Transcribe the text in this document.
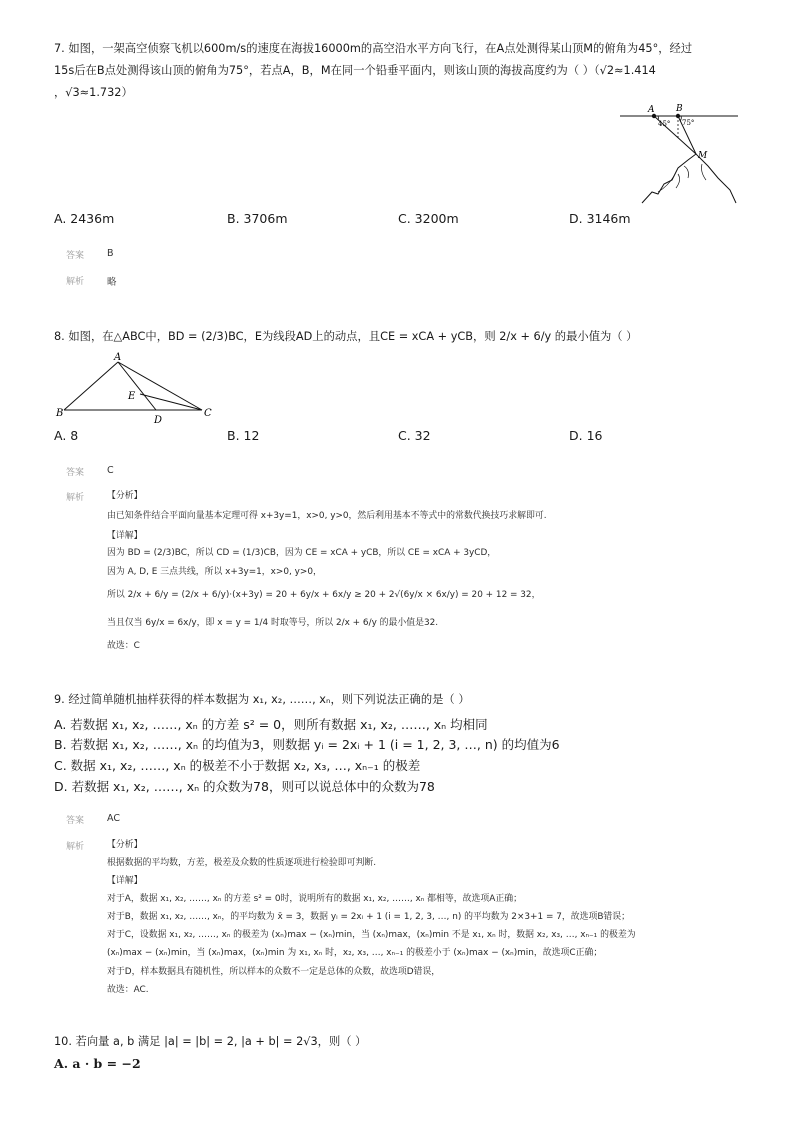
7. 如图，一架高空侦察飞机以600m/s的速度在海拔16000m的高空沿水平方向飞行，在A点处测得某山顶M的俯角为45°，经过
15s后在B点处测得该山顶的俯角为75°，若点A，B，M在同一个铅垂平面内，则该山顶的海拔高度约为（ ）（√2≈1.414
，√3≈1.732）
A B
M
45° 75°
A. 2436m	B. 3706m	C. 3200m	D. 3146m
答案 B
解析 略
8. 如图，在△ABC中，BD = (2/3)BC，E为线段AD上的动点，且CE = xCA + yCB，则 2/x + 6/y 的最小值为（ ）
A
B	C
D
E
A. 8	B. 12	C. 32	D. 16
答案 C
解析	【分析】
由已知条件结合平面向量基本定理可得 x+3y=1，x>0, y>0，然后利用基本不等式中的常数代换技巧求解即可.
【详解】
因为 BD = (2/3)BC，所以 CD = (1/3)CB，因为 CE = xCA + yCB，所以 CE = xCA + 3yCD，
因为 A, D, E 三点共线，所以 x+3y=1，x>0, y>0，
所以 2/x + 6/y = (2/x + 6/y)·(x+3y) = 20 + 6y/x + 6x/y ≥ 20 + 2√(6y/x × 6x/y) = 20 + 12 = 32，
当且仅当 6y/x = 6x/y，即 x = y = 1/4 时取等号，所以 2/x + 6/y 的最小值是32.
故选：C
9. 经过简单随机抽样获得的样本数据为 x₁, x₂, ……, xₙ，则下列说法正确的是（ ）
A. 若数据 x₁, x₂, ……, xₙ 的方差 s² = 0，则所有数据 x₁, x₂, ……, xₙ 均相同
B. 若数据 x₁, x₂, ……, xₙ 的均值为3，则数据 yᵢ = 2xᵢ + 1 (i = 1, 2, 3, …, n) 的均值为6
C. 数据 x₁, x₂, ……, xₙ 的极差不小于数据 x₂, x₃, …, xₙ₋₁ 的极差
D. 若数据 x₁, x₂, ……, xₙ 的众数为78，则可以说总体中的众数为78
答案 AC
解析	【分析】
根据数据的平均数，方差，极差及众数的性质逐项进行检验即可判断.
【详解】
对于A，数据 x₁, x₂, ……, xₙ 的方差 s² = 0时，说明所有的数据 x₁, x₂, ……, xₙ 都相等，故选项A正确；
对于B，数据 x₁, x₂, ……, xₙ，的平均数为 x̄ = 3，数据 yᵢ = 2xᵢ + 1 (i = 1, 2, 3, …, n) 的平均数为 2×3+1 = 7，故选项B错误；
对于C，设数据 x₁, x₂, ……, xₙ 的极差为 (xₙ)max − (xₙ)min，当 (xₙ)max，(xₙ)min 不是 x₁, xₙ 时，数据 x₂, x₃, …, xₙ₋₁ 的极差为
(xₙ)max − (xₙ)min，当 (xₙ)max，(xₙ)min 为 x₁, xₙ 时，x₂, x₃, …, xₙ₋₁ 的极差小于 (xₙ)max − (xₙ)min，故选项C正确；
对于D，样本数据具有随机性，所以样本的众数不一定是总体的众数，故选项D错误，
故选：AC.
10. 若向量 a, b 满足 |a| = |b| = 2, |a + b| = 2√3，则（ ）
A. a · b = −2
